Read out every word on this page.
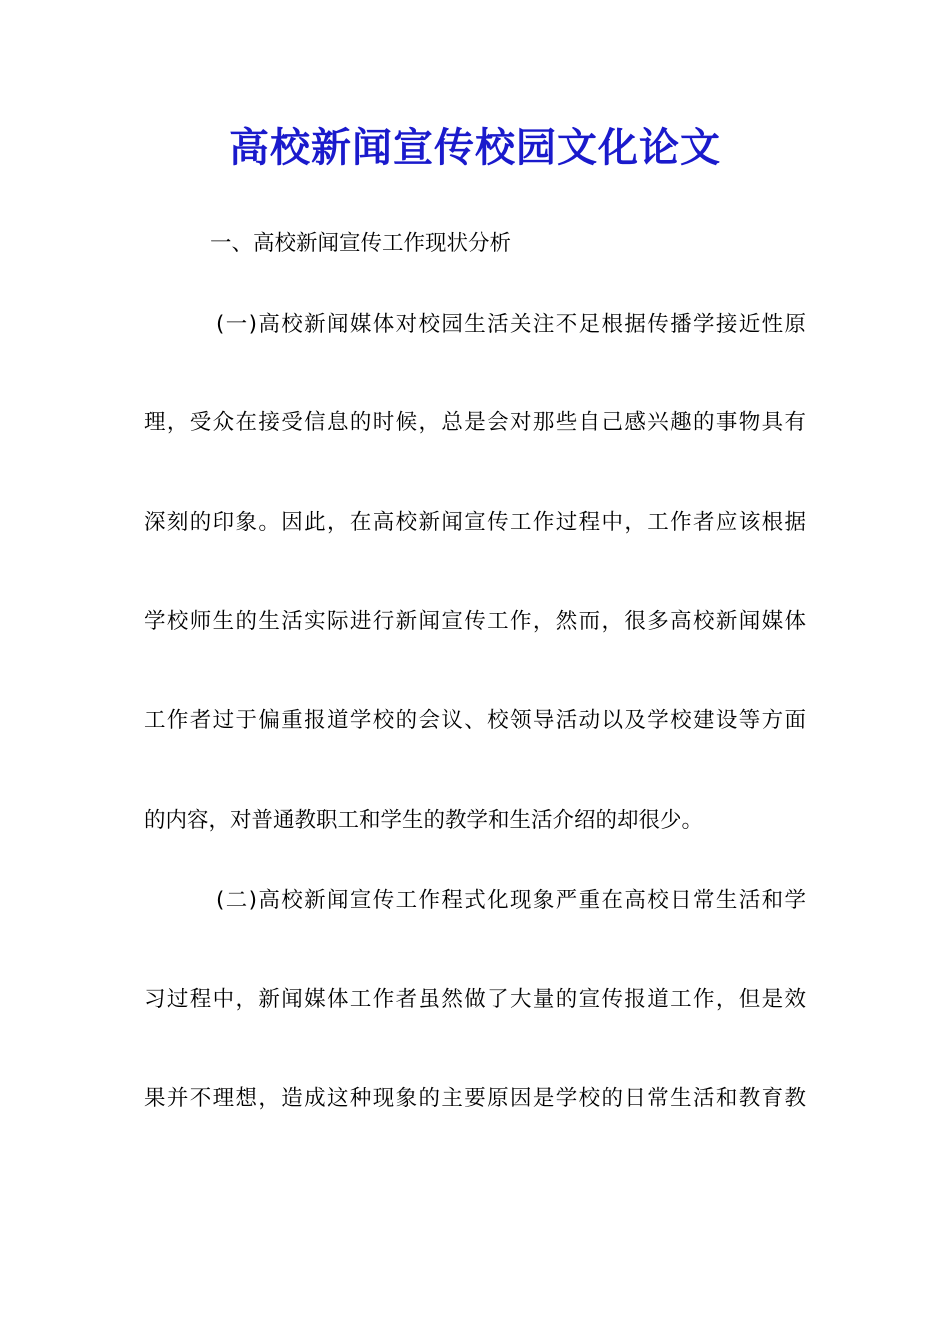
高校新闻宣传校园文化论文

一、高校新闻宣传工作现状分析

(一)高校新闻媒体对校园生活关注不足根据传播学接近性原

理，受众在接受信息的时候，总是会对那些自己感兴趣的事物具有

深刻的印象。因此，在高校新闻宣传工作过程中，工作者应该根据

学校师生的生活实际进行新闻宣传工作，然而，很多高校新闻媒体

工作者过于偏重报道学校的会议、校领导活动以及学校建设等方面

的内容，对普通教职工和学生的教学和生活介绍的却很少。

(二)高校新闻宣传工作程式化现象严重在高校日常生活和学

习过程中，新闻媒体工作者虽然做了大量的宣传报道工作，但是效

果并不理想，造成这种现象的主要原因是学校的日常生活和教育教
